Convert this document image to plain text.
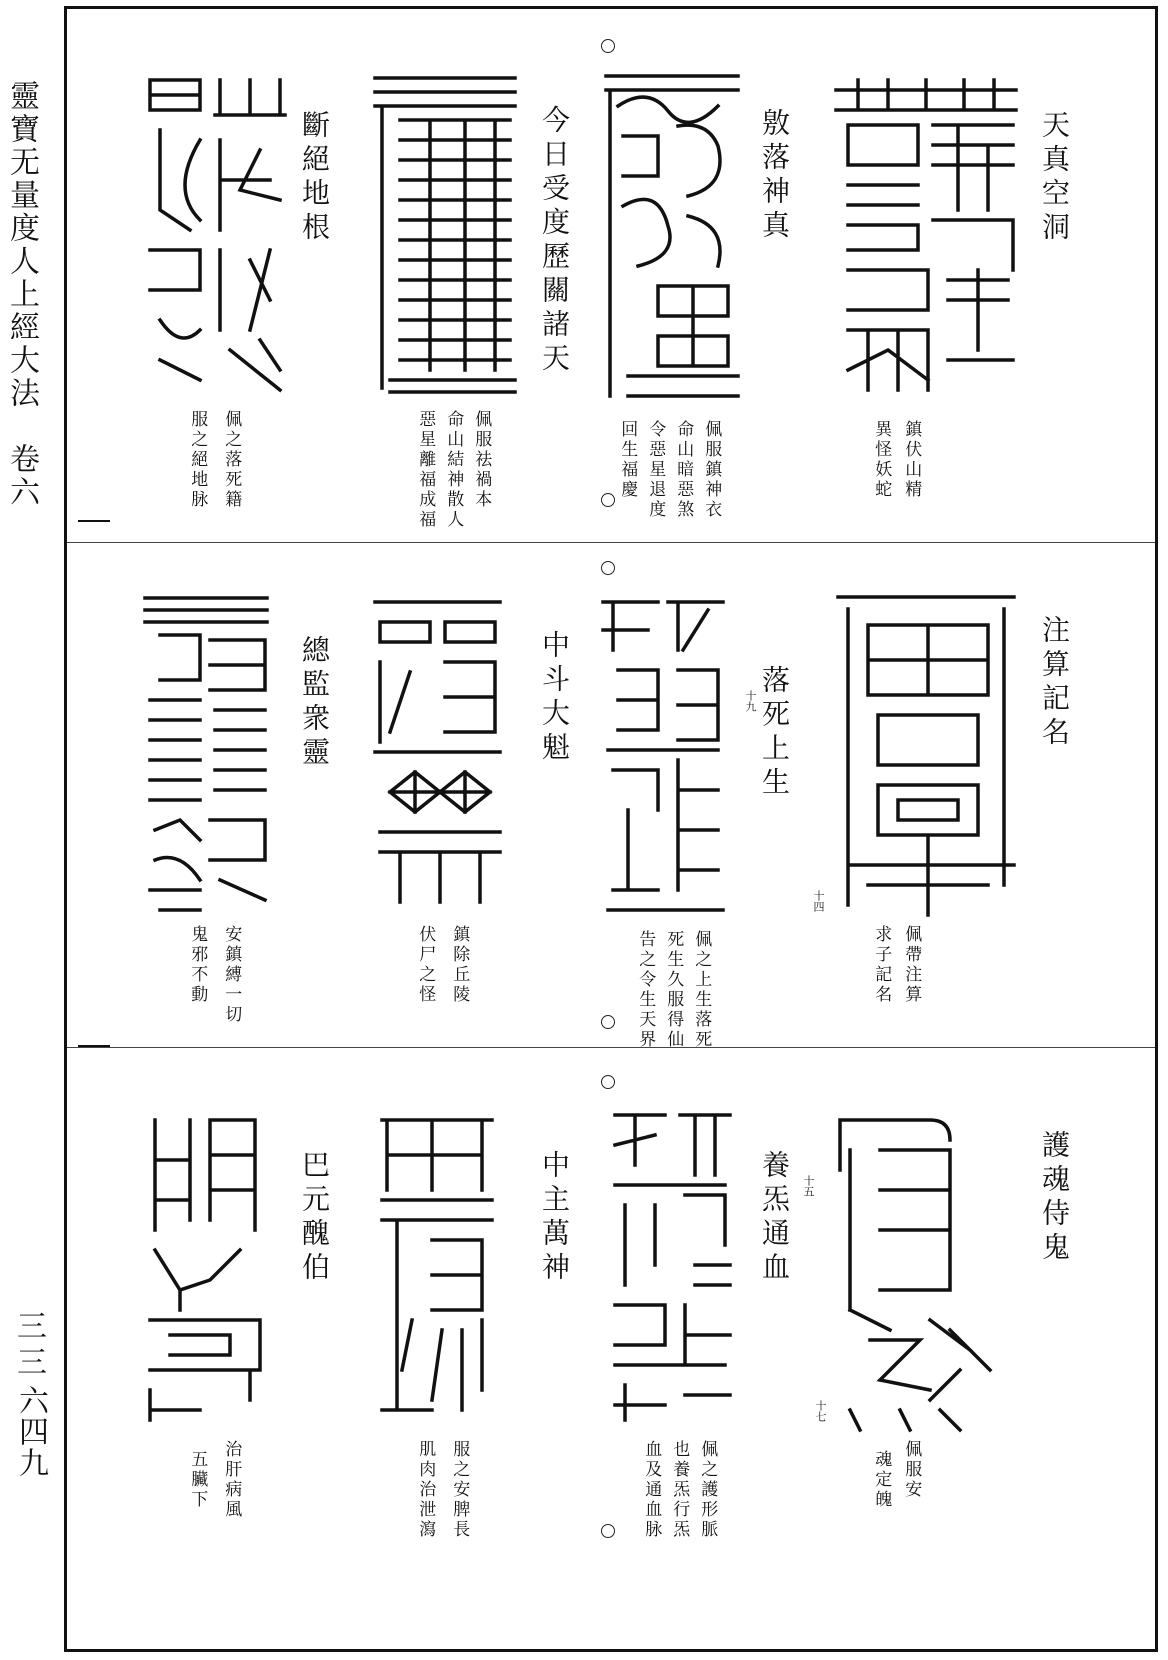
靈寶无量度人上經大法　卷六
三三
六四九
天真空洞
鎮伏山精
異怪妖蛇
敫落神真
佩服鎮神衣
命山暗惡煞
令惡星退度
回生福慶
今日受度歷關諸天
佩服祛禍本
命山結神散人
惡星離福成福
斷絕地根
佩之落死籍
服之絕地脉
注算記名
佩帶注算
求子記名
十四
落死上生
十九
佩之上生落死
死生久服得仙
告之令生天界
中斗大魁
鎮除丘陵
伏尸之怪
總監衆靈
安鎮縛一切
鬼邪不動
護魂侍鬼
佩服安
魂定魄
十七
養炁通血 十五
佩之護形脈
也養炁行炁
血及通血脉
中主萬神
服之安脾長
肌肉治泄瀉
巴元醜伯
治肝病風
五臟下
